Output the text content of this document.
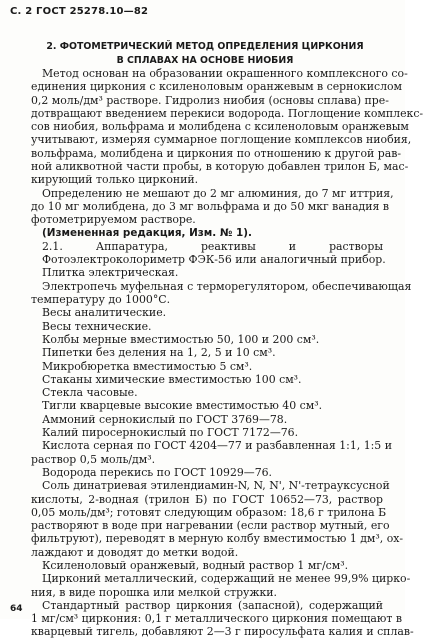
С. 2 ГОСТ 25278.10—82
2. ФОТОМЕТРИЧЕСКИЙ МЕТОД ОПРЕДЕЛЕНИЯ ЦИРКОНИЯ
В СПЛАВАХ НА ОСНОВЕ НИОБИЯ
Метод основан на образовании окрашенного комплексного со-
единения циркония с ксиленоловым оранжевым в сернокислом
0,2 моль/дм³ растворе. Гидролиз ниобия (основы сплава) пре-
дотвращают введением перекиси водорода. Поглощение комплекс-
сов ниобия, вольфрама и молибдена с ксиленоловым оранжевым
учитывают, измеряя суммарное поглощение комплексов ниобия,
вольфрама, молибдена и циркония по отношению к другой рав-
ной аликвотной части пробы, в которую добавлен трилон Б, мас-
кирующий только цирконий.
Определению не мешают до 2 мг алюминия, до 7 мг иттрия,
до 10 мг молибдена, до 3 мг вольфрама и до 50 мкг ванадия в
фотометрируемом растворе.
(Измененная редакция, Изм. № 1).
2.1. Аппаратура, реактивы и растворы
Фотоэлектроколориметр ФЭК-56 или аналогичный прибор.
Плитка электрическая.
Электропечь муфельная с терморегулятором, обеспечивающая
температуру до 1000°С.
Весы аналитические.
Весы технические.
Колбы мерные вместимостью 50, 100 и 200 см³.
Пипетки без деления на 1, 2, 5 и 10 см³.
Микробюретка вместимостью 5 см³.
Стаканы химические вместимостью 100 см³.
Стекла часовые.
Тигли кварцевые высокие вместимостью 40 см³.
Аммоний сернокислый по ГОСТ 3769—78.
Калий пиросернокислый по ГОСТ 7172—76.
Кислота серная по ГОСТ 4204—77 и разбавленная 1:1, 1:5 и
раствор 0,5 моль/дм³.
Водорода перекись по ГОСТ 10929—76.
Соль динатриевая этилендиамин-N, N, N', N'-тетрауксусной
кислоты, 2-водная (трилон Б) по ГОСТ 10652—73, раствор
0,05 моль/дм³; готовят следующим образом: 18,6 г трилона Б
растворяют в воде при нагревании (если раствор мутный, его
фильтруют), переводят в мерную колбу вместимостью 1 дм³, ох-
лаждают и доводят до метки водой.
Ксиленоловый оранжевый, водный раствор 1 мг/см³.
Цирконий металлический, содержащий не менее 99,9% цирко-
ния, в виде порошка или мелкой стружки.
Стандартный раствор циркония (запасной), содержащий
1 мг/см³ циркония: 0,1 г металлического циркония помещают в
кварцевый тигель, добавляют 2—3 г пиросульфата калия и сплав-
64
